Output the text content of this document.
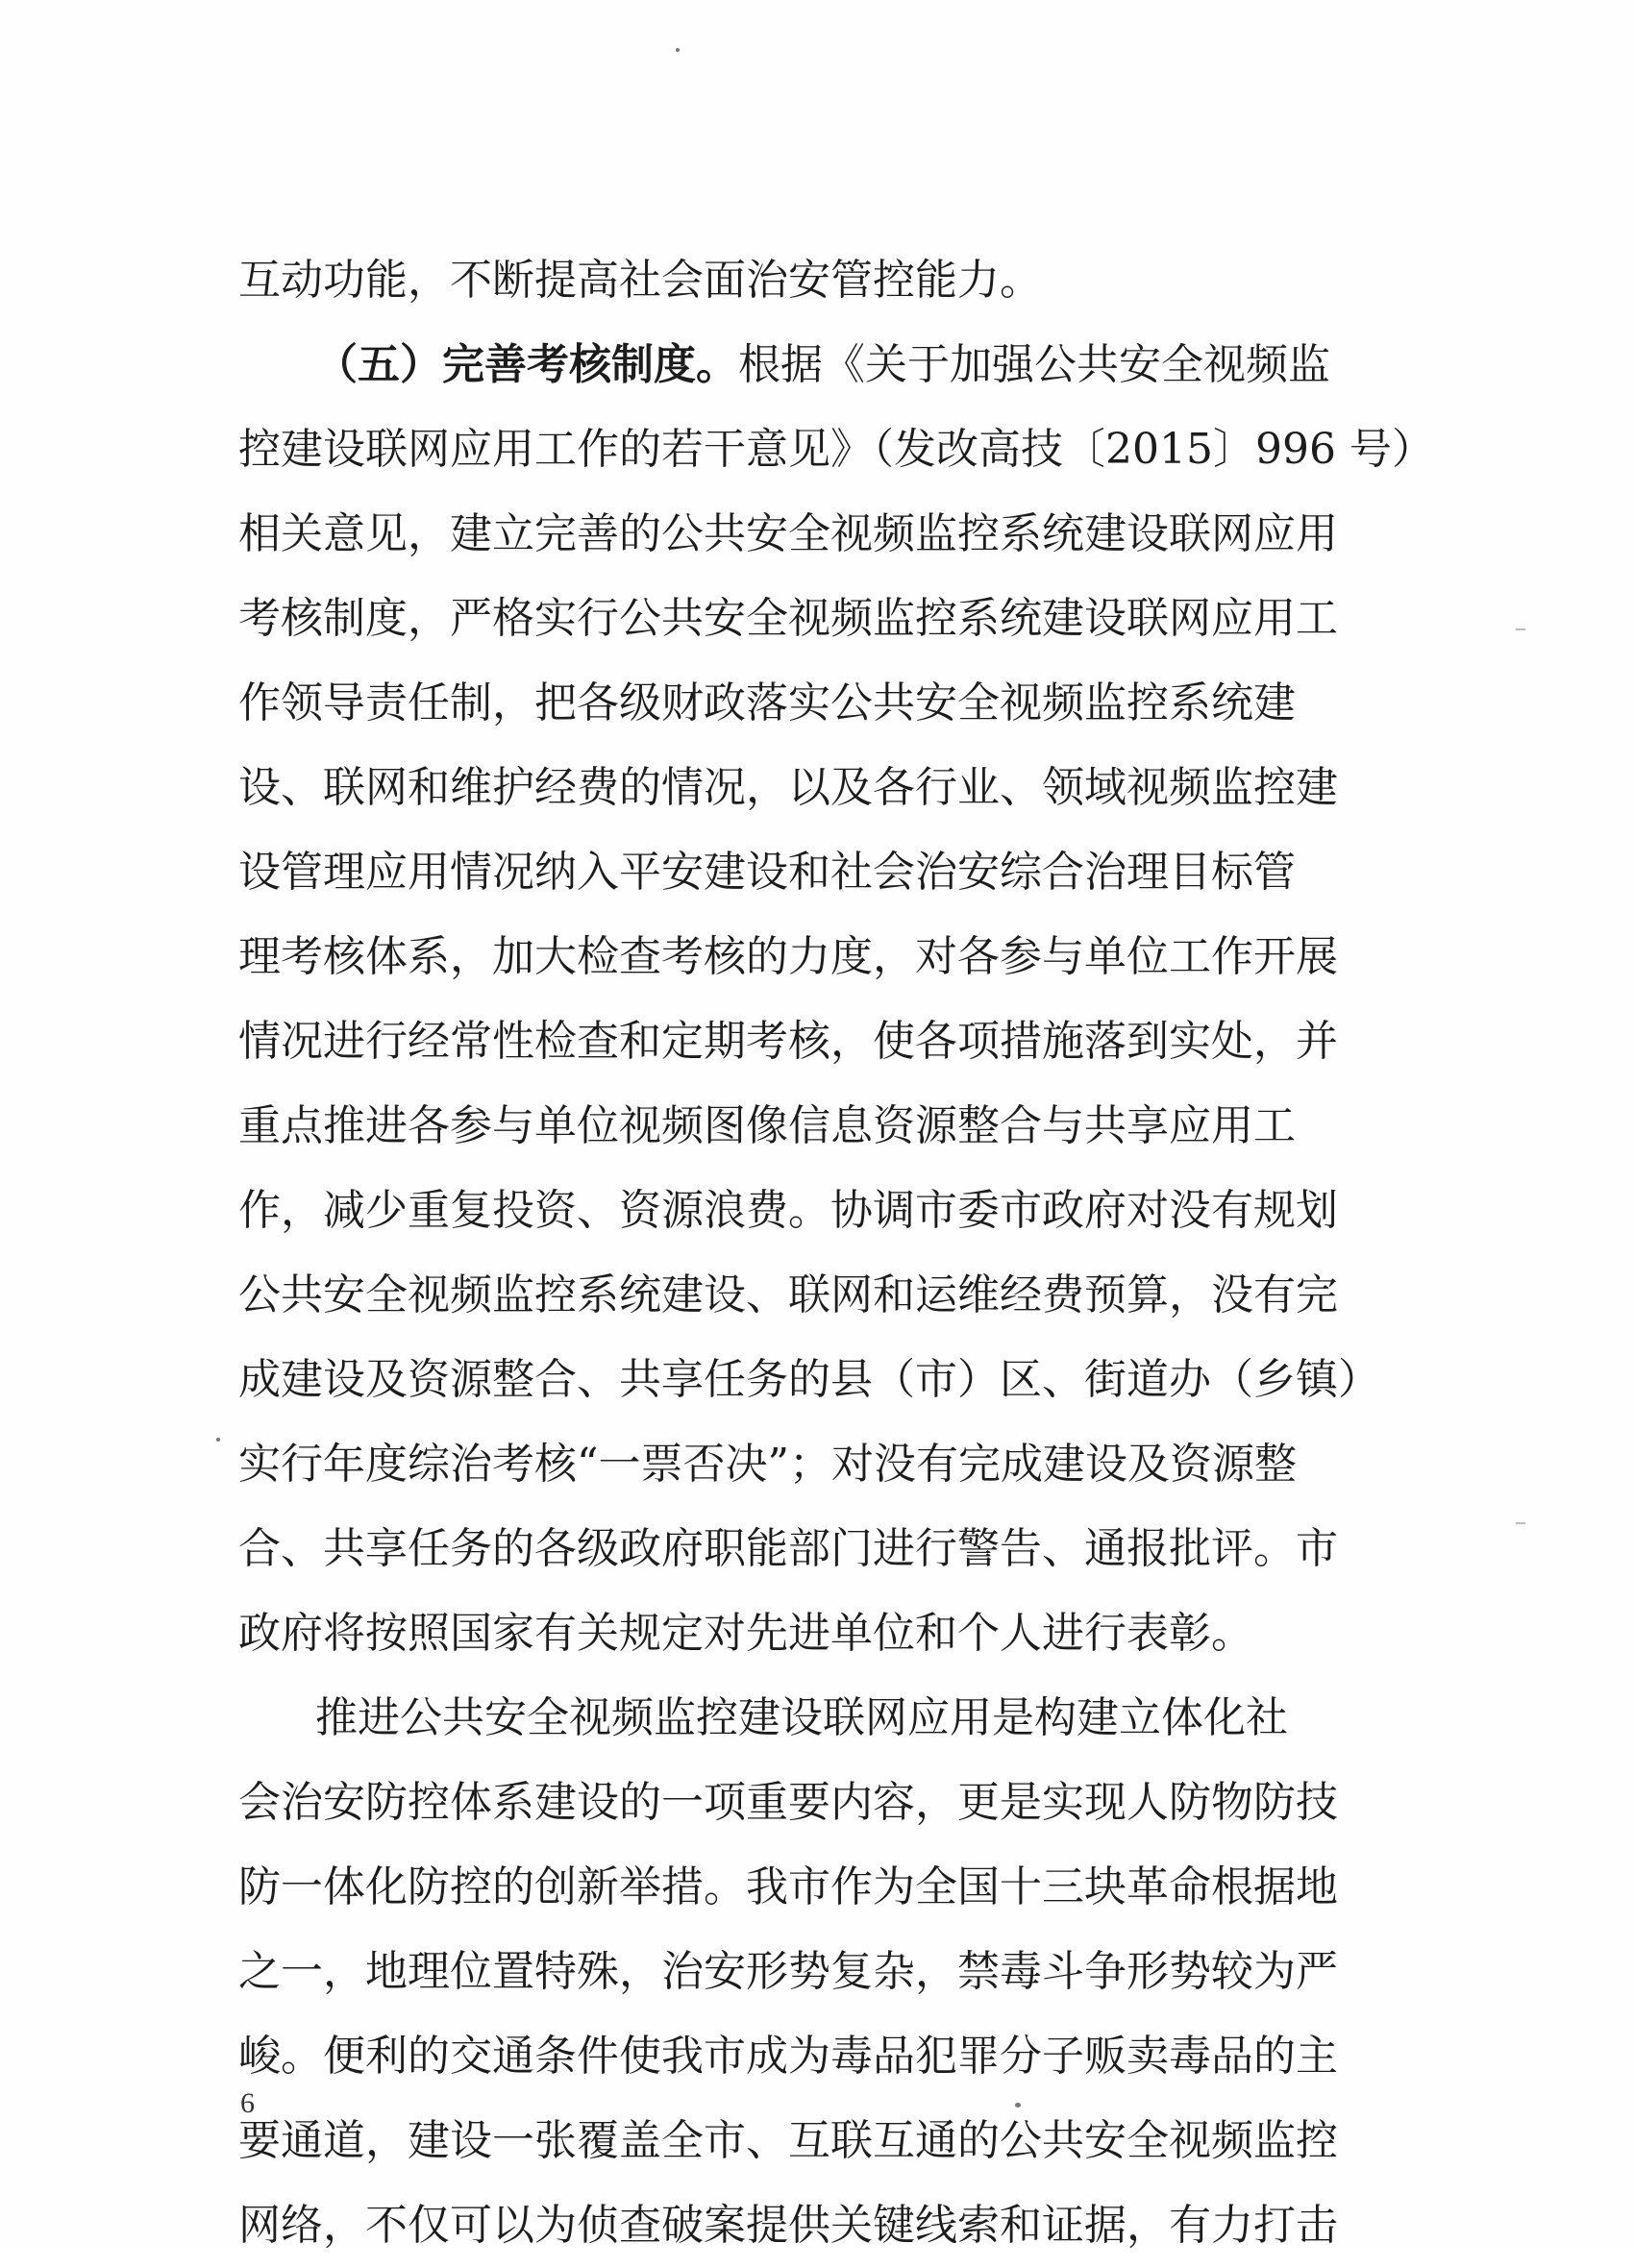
互动功能，不断提高社会面治安管控能力。
（五）完善考核制度。根据《关于加强公共安全视频监
控建设联网应用工作的若干意见》（发改高技〔2015〕996 号）
相关意见，建立完善的公共安全视频监控系统建设联网应用
考核制度，严格实行公共安全视频监控系统建设联网应用工
作领导责任制，把各级财政落实公共安全视频监控系统建
设、联网和维护经费的情况，以及各行业、领域视频监控建
设管理应用情况纳入平安建设和社会治安综合治理目标管
理考核体系，加大检查考核的力度，对各参与单位工作开展
情况进行经常性检查和定期考核，使各项措施落到实处，并
重点推进各参与单位视频图像信息资源整合与共享应用工
作，减少重复投资、资源浪费。协调市委市政府对没有规划
公共安全视频监控系统建设、联网和运维经费预算，没有完
成建设及资源整合、共享任务的县（市）区、街道办（乡镇）
实行年度综治考核“一票否决”；对没有完成建设及资源整
合、共享任务的各级政府职能部门进行警告、通报批评。市
政府将按照国家有关规定对先进单位和个人进行表彰。
推进公共安全视频监控建设联网应用是构建立体化社
会治安防控体系建设的一项重要内容，更是实现人防物防技
防一体化防控的创新举措。我市作为全国十三块革命根据地
之一，地理位置特殊，治安形势复杂，禁毒斗争形势较为严
峻。便利的交通条件使我市成为毒品犯罪分子贩卖毒品的主
要通道，建设一张覆盖全市、互联互通的公共安全视频监控
网络，不仅可以为侦查破案提供关键线索和证据，有力打击
6
